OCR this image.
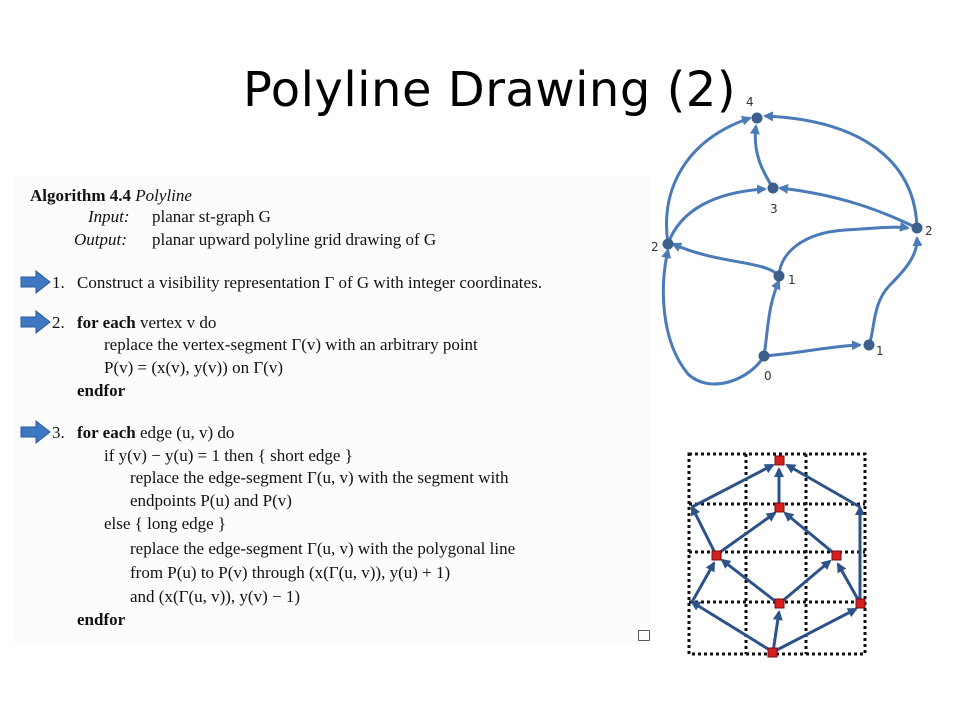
Polyline Drawing (2)
Algorithm 4.4 Polyline
Input: planar st-graph G
Output: planar upward polyline grid drawing of G
1. Construct a visibility representation Γ of G with integer coordinates.
2. for each vertex v do
replace the vertex-segment Γ(v) with an arbitrary point
P(v) = (x(v), y(v)) on Γ(v)
endfor
3. for each edge (u, v) do
if y(v) − y(u) = 1 then { short edge }
replace the edge-segment Γ(u, v) with the segment with
endpoints P(u) and P(v)
else { long edge }
replace the edge-segment Γ(u, v) with the polygonal line
from P(u) to P(v) through (x(Γ(u, v)), y(u) + 1)
and (x(Γ(u, v)), y(v) − 1)
endfor
4
3
2
2
1
1
0
